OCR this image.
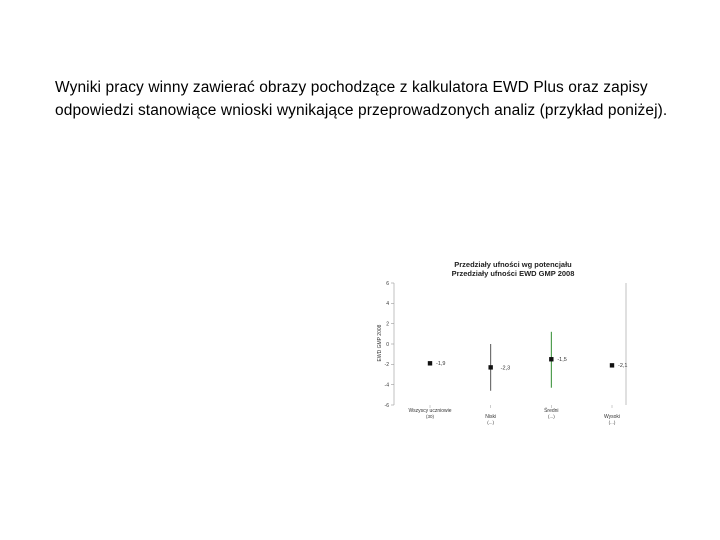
Wyniki pracy winny zawierać obrazy pochodzące z kalkulatora EWD Plus oraz zapisy odpowiedzi stanowiące wnioski wynikające przeprowadzonych analiz (przykład poniżej).

Przedziały ufności wg potencjału
Przedziały ufności EWD GMP 2008
EWD GMP 2008
6
4
2
0
-2
-4
-6
-1,9
-2,3
-1,5
-2,1
Wszyscy uczniowie
(30)	Niski
(...)
Średni
(...)	Wysoki
(...)
